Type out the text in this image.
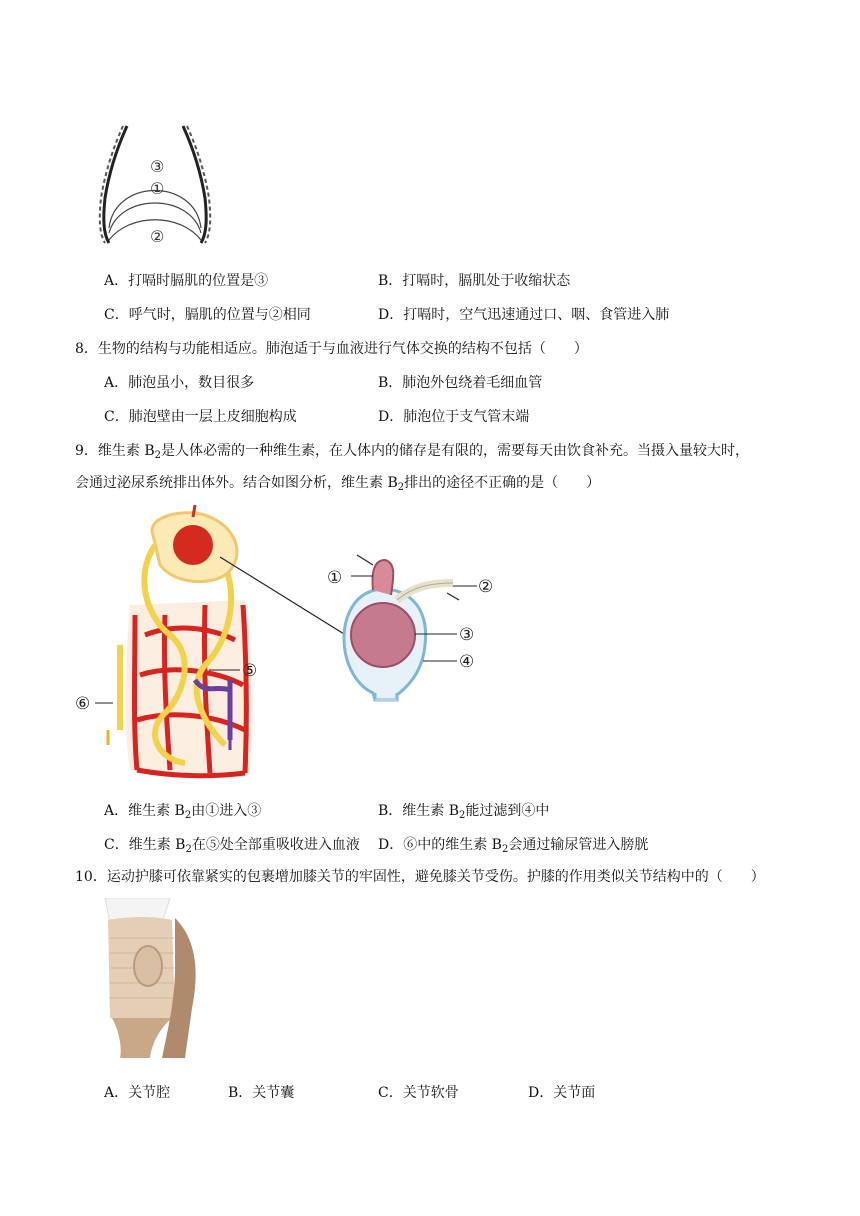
③
①
②
A．打嗝时膈肌的位置是③	B．打嗝时，膈肌处于收缩状态
C．呼气时，膈肌的位置与②相同	D．打嗝时，空气迅速通过口、咽、食管进入肺
8．生物的结构与功能相适应。肺泡适于与血液进行气体交换的结构不包括（　　）
A．肺泡虽小，数目很多	B．肺泡外包绕着毛细血管
C．肺泡壁由一层上皮细胞构成	D．肺泡位于支气管末端
9．维生素 $B_2$是人体必需的一种维生素，在人体内的储存是有限的，需要每天由饮食补充。当摄入量较大时，
会通过泌尿系统排出体外。结合如图分析，维生素 $B_2$排出的途径不正确的是（　　）
①	②
③
④
⑤
⑥
A．维生素 $B_2$由①进入③	B．维生素 $B_2$能过滤到④中
C．维生素 $B_2$在⑤处全部重吸收进入血液 D．⑥中的维生素 $B_2$会通过输尿管进入膀胱
10．运动护膝可依靠紧实的包裹增加膝关节的牢固性，避免膝关节受伤。护膝的作用类似关节结构中的（　　）
A．关节腔	B．关节囊	C．关节软骨	D．关节面
